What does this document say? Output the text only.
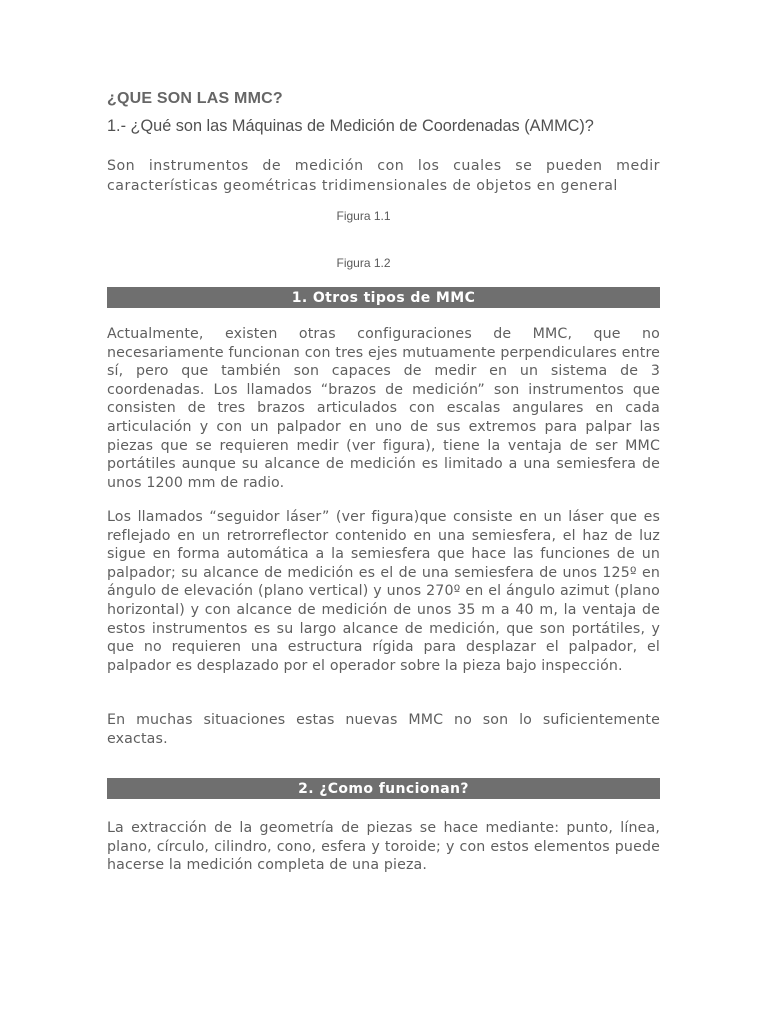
¿QUE SON LAS MMC?
1.- ¿Qué son las Máquinas de Medición de Coordenadas (AMMC)?

Son instrumentos de medición con los cuales se pueden medir características geométricas tridimensionales de objetos en general

Figura 1.1

Figura 1.2

1. Otros tipos de MMC

Actualmente, existen otras configuraciones de MMC, que no necesariamente funcionan con tres ejes mutuamente perpendiculares entre sí, pero que también son capaces de medir en un sistema de 3 coordenadas. Los llamados “brazos de medición” son instrumentos que consisten de tres brazos articulados con escalas angulares en cada articulación y con un palpador en uno de sus extremos para palpar las piezas que se requieren medir (ver figura), tiene la ventaja de ser MMC portátiles aunque su alcance de medición es limitado a una semiesfera de unos 1200 mm de radio.

Los llamados “seguidor láser” (ver figura)que consiste en un láser que es reflejado en un retrorreflector contenido en una semiesfera, el haz de luz sigue en forma automática a la semiesfera que hace las funciones de un palpador; su alcance de medición es el de una semiesfera de unos 125º en ángulo de elevación (plano vertical) y unos 270º en el ángulo azimut (plano horizontal) y con alcance de medición de unos 35 m a 40 m, la ventaja de estos instrumentos es su largo alcance de medición, que son portátiles, y que no requieren una estructura rígida para desplazar el palpador, el palpador es desplazado por el operador sobre la pieza bajo inspección.

En muchas situaciones estas nuevas MMC no son lo suficientemente exactas.

2. ¿Como funcionan?

La extracción de la geometría de piezas se hace mediante: punto, línea, plano, círculo, cilindro, cono, esfera y toroide; y con estos elementos puede hacerse la medición completa de una pieza.
